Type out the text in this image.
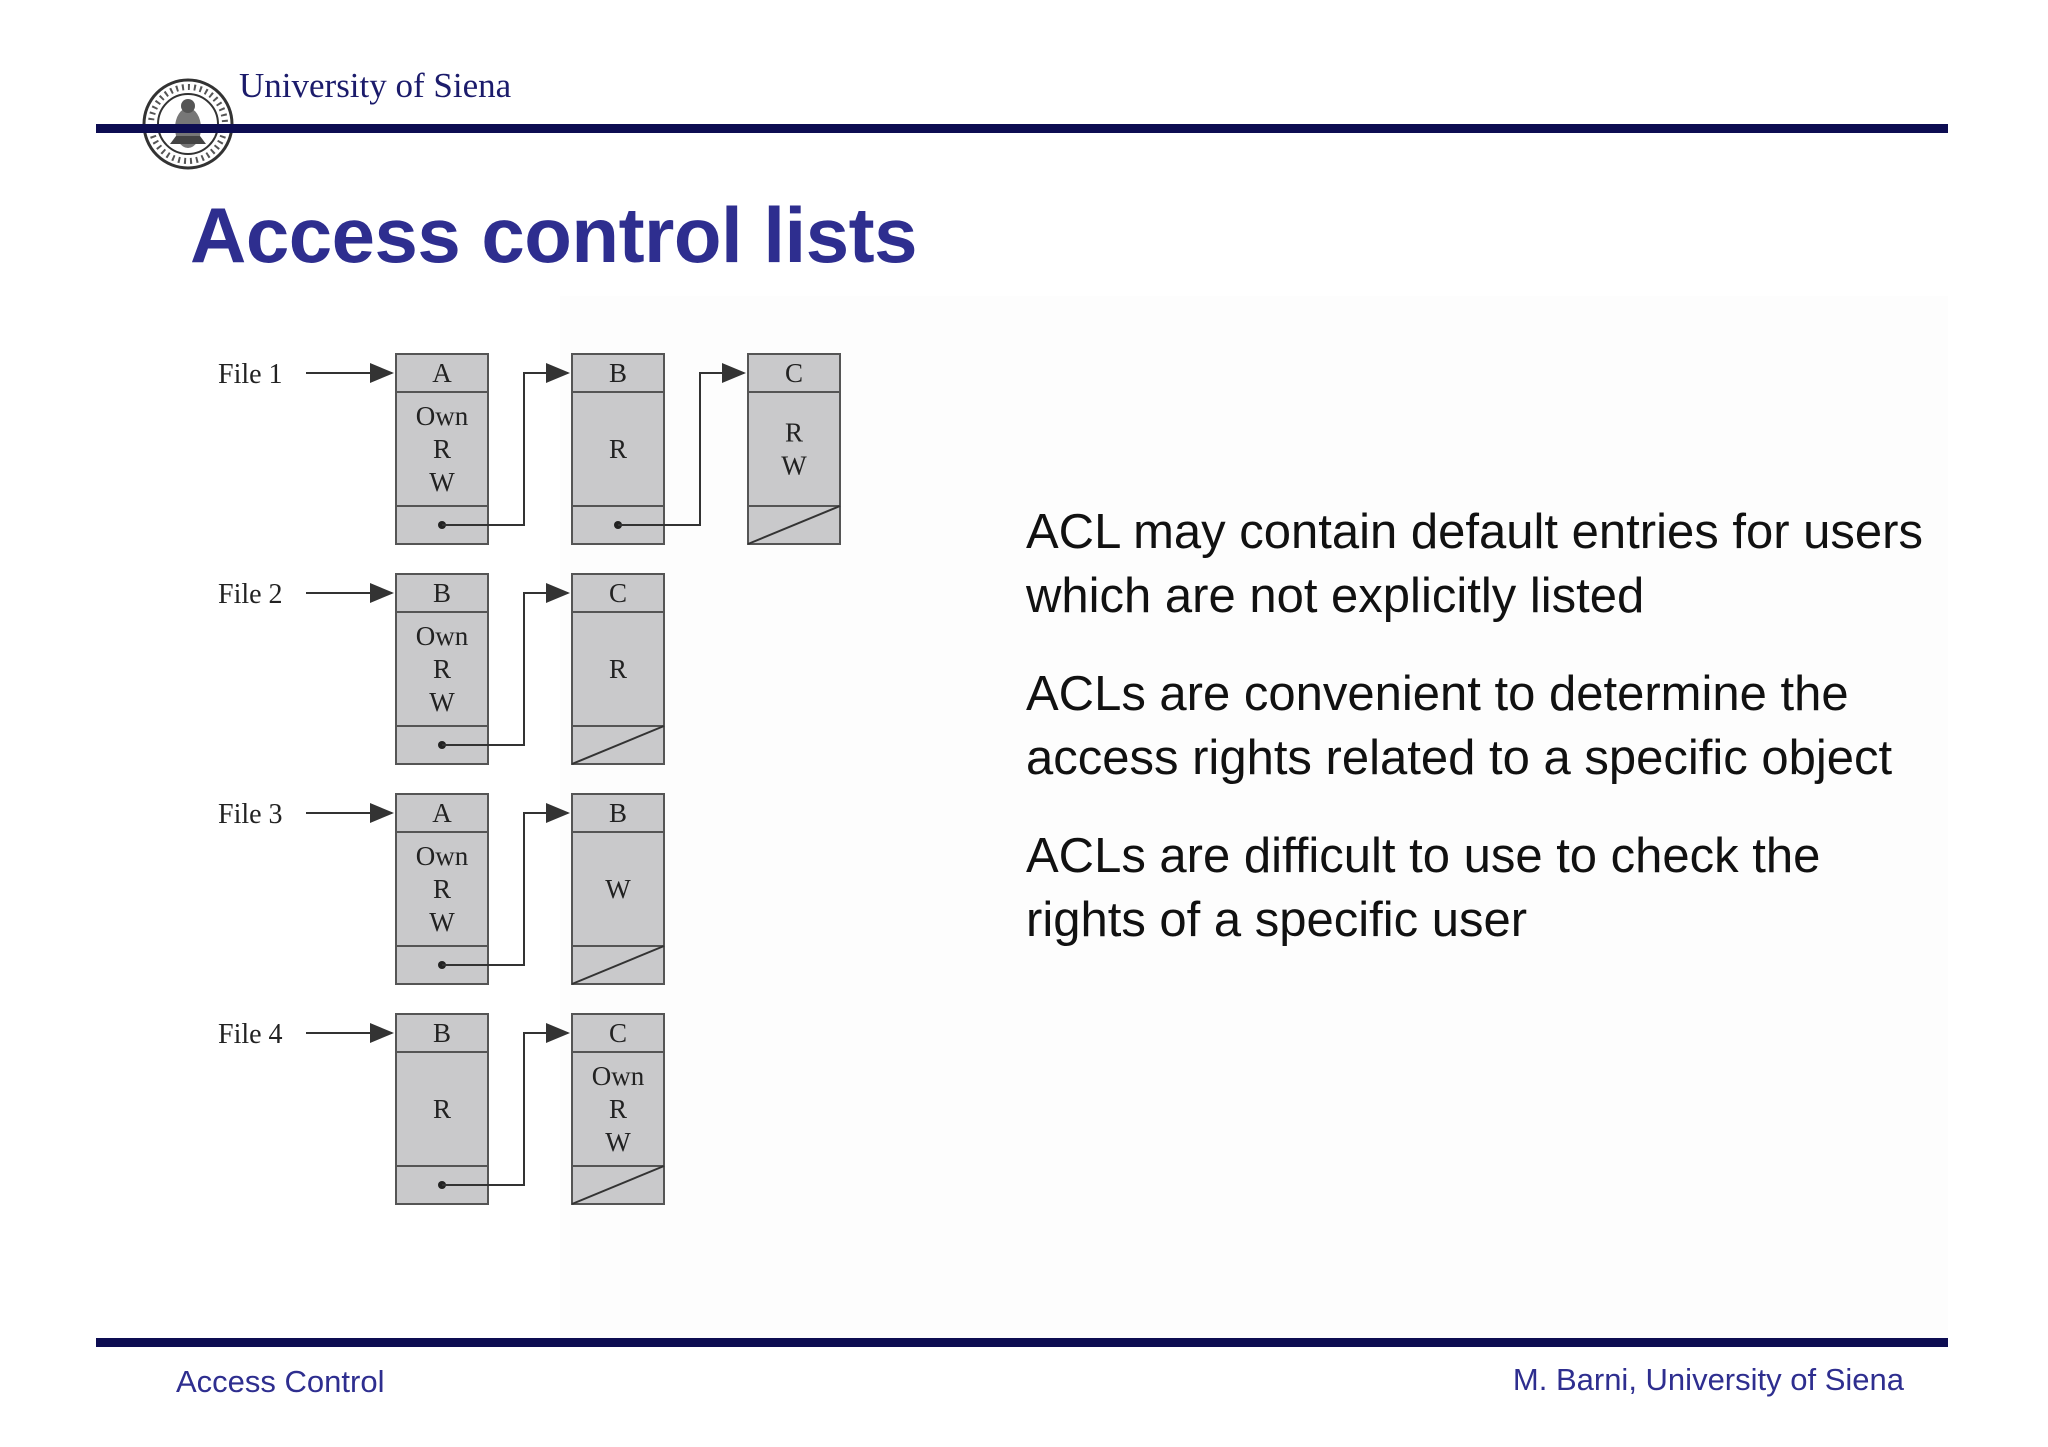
University of Siena
Access control lists
File 1	A
Own
R
W
B
R
C
R
W
File 2	B
Own
R
W
C
R
File 3	A
Own
R
W
B
W
File 4	B
R
C
Own
R
W
ACL may contain default entries for users which are not explicitly listed
ACLs are convenient to determine the access rights related to a specific object
ACLs are difficult to use to check the rights of a specific user
Access Control	M. Barni, University of Siena
